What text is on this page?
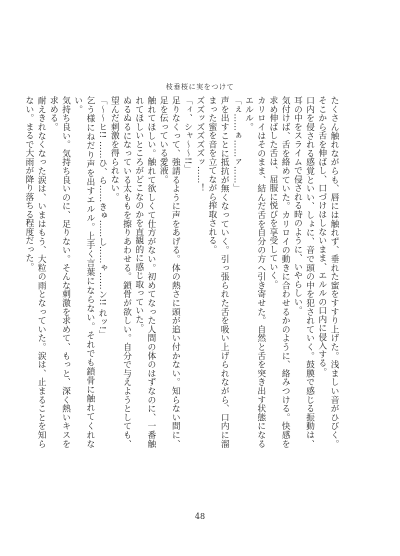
枝垂桜に実をつけて

たくさん触れながらも、唇には触れず、垂れた蜜をすすり上げた。浅ましい音がひびく。そこから舌を伸ばし、口づけはしないまま、エルルの口内に侵入する。

口内を侵される感覚といい、しょに、音で頭の中を犯されていく。鼓膜で感じる振動は、耳の中をスライムで侵される時のように、いやらしい。

気付けば、舌を絡めていた。カリロイの動きに合わせるかのように、絡みつける。快感を求め伸ばした舌は、屈服に悦びを享受していく。

カリロイはそのまま、結んだ舌を自分の方へ引き寄せた。自然と舌を突き出す状態になるエルル。

「ぇ……ぁ……ァ……」

声を出すことに抵抗が無くなっていく。引っ張られた舌を吸い上げられながら、口内に溜まった蜜を音を立てながら搾取される。

ズズッズズズズッ……！

「ィ、シャ〜〜!!」

足りなくって、強請るように声をあげる。体の熱さに頭が追い付かない。知らない間に、足を伝っている愛液。

触れてほしい。触れて欲しくて仕方がない。初めてなった人間の体のはずなのに、一番触れてほしいところがどこなのかを直観的に感じ取っていた。

ぬるぬるになっている太ももを擦りあわせる。鎖骨が欲しい。自分で与えようとしても、望んだ刺激を得られない。

「〜〜ヒ!! ……ひ、ら……きゅ……し……ゃ……ン!! れッ!」

乞う様にねだり声を出すエルル。上手く言葉にならない。それでも鎖骨に触れてくれない。

気持ち良い。気持ち良いのに、足りない。そんな刺激を求めて、もっと、深く熱いキスを求める。

耐えきれなくなった涙は、いまはもう、大粒の雨となっていた。涙は、止まることを知らない。まるで大雨が降り落ちる程度だった。

48
